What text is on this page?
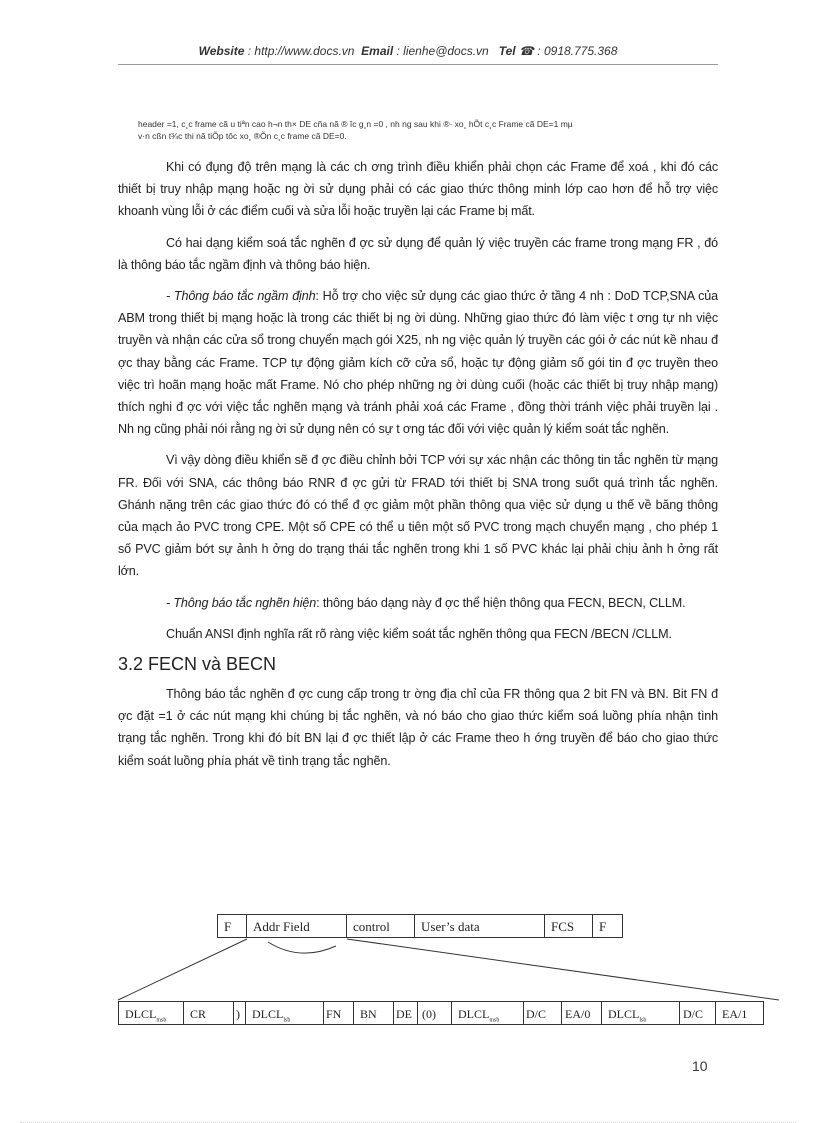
Website : http://www.docs.vn Email : lienhe@docs.vn Tel ☎ : 0918.775.368
header =1, c¸c frame cã u tiªn cao h¬n th× DE cña nã ® îc g¸n =0 , nh ng sau khi ®· xo¸ hÕt c¸c Frame cã DE=1 mµ
v·n cßn t¾c thi nã tiÕp tôc xo¸ ®Õn c¸c frame cã DE=0.

Khi có đụng độ trên mạng là các ch ơng trình điều khiển phải chọn các Frame để xoá , khi đó các thiết bị truy nhập mạng hoặc ng ời sử dụng phải có các giao thức thông minh lớp cao hơn để hỗ trợ việc khoanh vùng lỗi ở các điểm cuối và sửa lỗi hoặc truyền lại các Frame bị mất.

Có hai dạng kiểm soá tắc nghẽn đ ợc sử dụng để quản lý việc truyền các frame trong mạng FR , đó là thông báo tắc ngầm định và thông báo hiện.

- Thông báo tắc ngầm định: Hỗ trợ cho việc sử dụng các giao thức ở tầng 4 nh : DoD TCP,SNA của ABM trong thiết bị mạng hoặc là trong các thiết bị ng ời dùng. Những giao thức đó làm việc t ơng tự nh việc truyền và nhận các cửa sổ trong chuyển mạch gói X25, nh ng việc quản lý truyền các gói ở các nút kề nhau đ ợc thay bằng các Frame. TCP tự động giảm kích cỡ cửa sổ, hoặc tự động giảm số gói tin đ ợc truyền theo việc trì hoãn mạng hoặc mất Frame. Nó cho phép những ng ời dùng cuối (hoặc các thiết bị truy nhập mạng) thích nghi đ ợc với việc tắc nghẽn mạng và tránh phải xoá các Frame , đồng thời tránh việc phải truyền lại . Nh ng cũng phải nói rằng ng ời sử dụng nên có sự t ơng tác đối với việc quản lý kiểm soát tắc nghẽn.

Vì vậy dòng điều khiển sẽ đ ợc điều chỉnh bởi TCP với sự xác nhận các thông tin tắc nghẽn từ mạng FR. Đối với SNA, các thông báo RNR đ ợc gửi từ FRAD tới thiết bị SNA trong suốt quá trình tắc nghẽn. Ghánh nặng trên các giao thức đó có thể đ ợc giảm một phần thông qua việc sử dụng u thế về băng thông của mạch ảo PVC trong CPE. Một số CPE có thể u tiên một số PVC trong mạch chuyển mạng , cho phép 1 số PVC giảm bớt sự ảnh h ởng do trạng thái tắc nghẽn trong khi 1 số PVC khác lại phải chịu ảnh h ởng rất lớn.

- Thông báo tắc nghẽn hiện: thông báo dạng này đ ợc thể hiện thông qua FECN, BECN, CLLM.

Chuẩn ANSI định nghĩa rất rõ ràng việc kiểm soát tắc nghẽn thông qua FECN /BECN /CLLM.

3.2 FECN và BECN

Thông báo tắc nghẽn đ ợc cung cấp trong tr ờng địa chỉ của FR thông qua 2 bit FN và BN. Bit FN đ ợc đặt =1 ở các nút mạng khi chúng bị tắc nghẽn, và nó báo cho giao thức kiểm soá luồng phía nhận tình trạng tắc nghẽn. Trong khi đó bít BN lại đ ợc thiết lập ở các Frame theo h ớng truyền để báo cho giao thức kiểm soát luồng phía phát về tình trạng tắc nghẽn.

F	Addr Field	control	User’s data	FCS	F
$DLCL_{msb}$	CR	)	$DLCL_{lsb}$	FN	BN	DE (0)	$DLCL_{msb}$	D/C	EA/0	$DLCL_{lsb}$	D/C	EA/1
10
